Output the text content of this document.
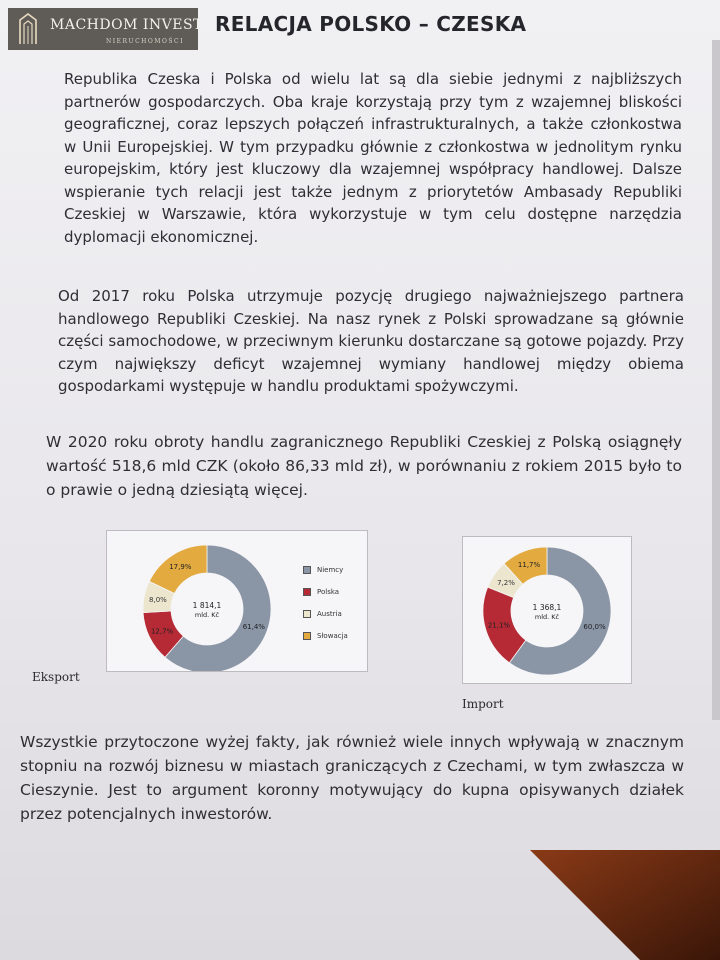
MACHDOM INVEST
NIERUCHOMOŚCI
RELACJA POLSKO – CZESKA

Republika Czeska i Polska od wielu lat są dla siebie jednymi z najbliższych partnerów gospodarczych. Oba kraje korzystają przy tym z wzajemnej bliskości geograficznej, coraz lepszych połączeń infrastrukturalnych, a także członkostwa w Unii Europejskiej. W tym przypadku głównie z członkostwa w jednolitym rynku europejskim, który jest kluczowy dla wzajemnej współpracy handlowej. Dalsze wspieranie tych relacji jest także jednym z priorytetów Ambasady Republiki Czeskiej w Warszawie, która wykorzystuje w tym celu dostępne narzędzia dyplomacji ekonomicznej.

Od 2017 roku Polska utrzymuje pozycję drugiego najważniejszego partnera handlowego Republiki Czeskiej. Na nasz rynek z Polski sprowadzane są głównie części samochodowe, w przeciwnym kierunku dostarczane są gotowe pojazdy. Przy czym największy deficyt wzajemnej wymiany handlowej między obiema gospodarkami występuje w handlu produktami spożywczymi.

W 2020 roku obroty handlu zagranicznego Republiki Czeskiej z Polską osiągnęły wartość 518,6 mld CZK (około 86,33 mld zł), w porównaniu z rokiem 2015 było to o prawie o jedną dziesiątą więcej.

61,4%
12,7%
8,0%
17,9%
1 814,1
mld. Kč
Niemcy
Polska
Austria
Słowacja
Eksport
60,0%
21,1%
7,2%
11,7%
1 368,1
mld. Kč
Import

Wszystkie przytoczone wyżej fakty, jak również wiele innych wpływają w znacznym stopniu na rozwój biznesu w miastach graniczących z Czechami, w tym zwłaszcza w Cieszynie. Jest to argument koronny motywujący do kupna opisywanych działek przez potencjalnych inwestorów.
